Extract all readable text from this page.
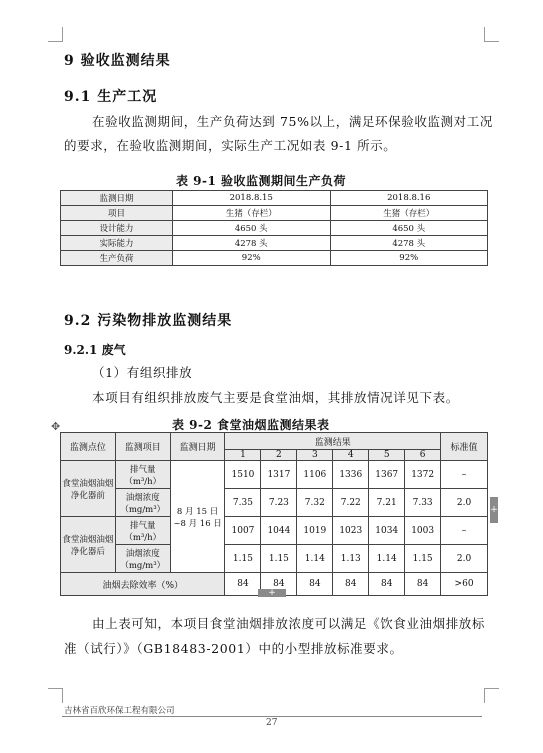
9 验收监测结果
9.1 生产工况
在验收监测期间，生产负荷达到 75%以上，满足环保验收监测对工况
的要求，在验收监测期间，实际生产工况如表 9-1 所示。
表 9-1 验收监测期间生产负荷
监测日期	2018.8.15	2018.8.16
项目	生猪（存栏）	生猪（存栏）
设计能力	4650 头	4650 头
实际能力	4278 头	4278 头
生产负荷	92%	92%
9.2 污染物排放监测结果
9.2.1 废气
（1）有组织排放
本项目有组织排放废气主要是食堂油烟，其排放情况详见下表。
✥	表 9-2 食堂油烟监测结果表
监测点位	监测项目	监测日期	监测结果						标准值
			1	2	3	4	5	6	
食堂油烟油烟净化器前	排气量（m³/h）	8 月 15 日~8 月 16 日	1510	1317	1106	1336	1367	1372	–
	油烟浓度（mg/m³）		7.35	7.23	7.32	7.22	7.21	7.33	2.0
食堂油烟油烟净化器后	排气量（m³/h）		1007	1044	1019	1023	1034	1003	–
	油烟浓度（mg/m³）		1.15	1.15	1.14	1.13	1.14	1.15	2.0
油烟去除效率（%）			84	84	84	84	84	84	>60
+
+
由上表可知，本项目食堂油烟排放浓度可以满足《饮食业油烟排放标
准（试行）》（GB18483-2001）中的小型排放标准要求。
吉林省百欣环保工程有限公司
27
